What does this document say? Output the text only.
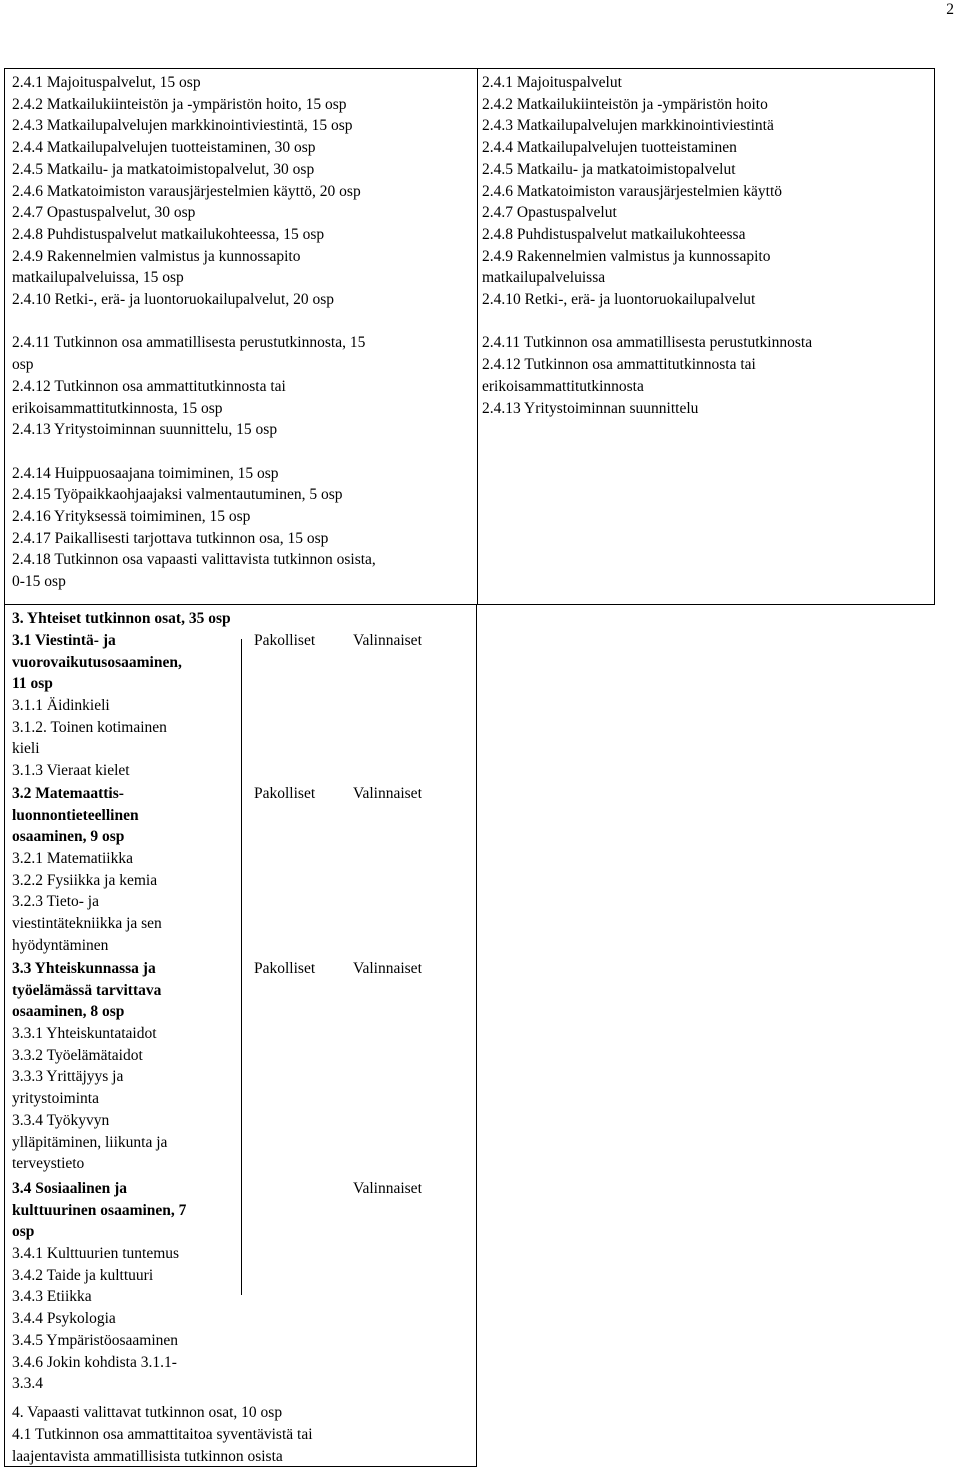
2
2.4.1 Majoituspalvelut, 15 osp
2.4.2 Matkailukiinteistön ja -ympäristön hoito, 15 osp
2.4.3 Matkailupalvelujen markkinointiviestintä, 15 osp
2.4.4 Matkailupalvelujen tuotteistaminen, 30 osp
2.4.5 Matkailu- ja matkatoimistopalvelut, 30 osp
2.4.6 Matkatoimiston varausjärjestelmien käyttö, 20 osp
2.4.7 Opastuspalvelut, 30 osp
2.4.8 Puhdistuspalvelut matkailukohteessa, 15 osp
2.4.9 Rakennelmien valmistus ja kunnossapito
matkailupalveluissa, 15 osp
2.4.10 Retki-, erä- ja luontoruokailupalvelut, 20 osp
2.4.11 Tutkinnon osa ammatillisesta perustutkinnosta, 15
osp
2.4.12 Tutkinnon osa ammattitutkinnosta tai
erikoisammattitutkinnosta, 15 osp
2.4.13 Yritystoiminnan suunnittelu, 15 osp
2.4.14 Huippuosaajana toimiminen, 15 osp
2.4.15 Työpaikkaohjaajaksi valmentautuminen, 5 osp
2.4.16 Yrityksessä toimiminen, 15 osp
2.4.17 Paikallisesti tarjottava tutkinnon osa, 15 osp
2.4.18 Tutkinnon osa vapaasti valittavista tutkinnon osista,
0-15 osp
2.4.1 Majoituspalvelut
2.4.2 Matkailukiinteistön ja -ympäristön hoito
2.4.3 Matkailupalvelujen markkinointiviestintä
2.4.4 Matkailupalvelujen tuotteistaminen
2.4.5 Matkailu- ja matkatoimistopalvelut
2.4.6 Matkatoimiston varausjärjestelmien käyttö
2.4.7 Opastuspalvelut
2.4.8 Puhdistuspalvelut matkailukohteessa
2.4.9 Rakennelmien valmistus ja kunnossapito
matkailupalveluissa
2.4.10 Retki-, erä- ja luontoruokailupalvelut
2.4.11 Tutkinnon osa ammatillisesta perustutkinnosta
2.4.12 Tutkinnon osa ammattitutkinnosta tai
erikoisammattitutkinnosta
2.4.13 Yritystoiminnan suunnittelu
3. Yhteiset tutkinnon osat, 35 osp
3.1 Viestintä- ja
vuorovaikutusosaaminen,
11 osp
Pakolliset Valinnaiset
3.1.1 Äidinkieli
3.1.2. Toinen kotimainen
kieli
3.1.3 Vieraat kielet
3.2 Matemaattis-
luonnontieteellinen
osaaminen, 9 osp
Pakolliset Valinnaiset
3.2.1 Matematiikka
3.2.2 Fysiikka ja kemia
3.2.3 Tieto- ja
viestintätekniikka ja sen
hyödyntäminen
3.3 Yhteiskunnassa ja
työelämässä tarvittava
osaaminen, 8 osp
Pakolliset Valinnaiset
3.3.1 Yhteiskuntataidot
3.3.2 Työelämätaidot
3.3.3 Yrittäjyys ja
yritystoiminta
3.3.4 Työkyvyn
ylläpitäminen, liikunta ja
terveystieto
3.4 Sosiaalinen ja
kulttuurinen osaaminen, 7
osp
Valinnaiset
3.4.1 Kulttuurien tuntemus
3.4.2 Taide ja kulttuuri
3.4.3 Etiikka
3.4.4 Psykologia
3.4.5 Ympäristöosaaminen
3.4.6 Jokin kohdista 3.1.1-
3.3.4
4. Vapaasti valittavat tutkinnon osat, 10 osp
4.1 Tutkinnon osa ammattitaitoa syventävistä tai
laajentavista ammatillisista tutkinnon osista
